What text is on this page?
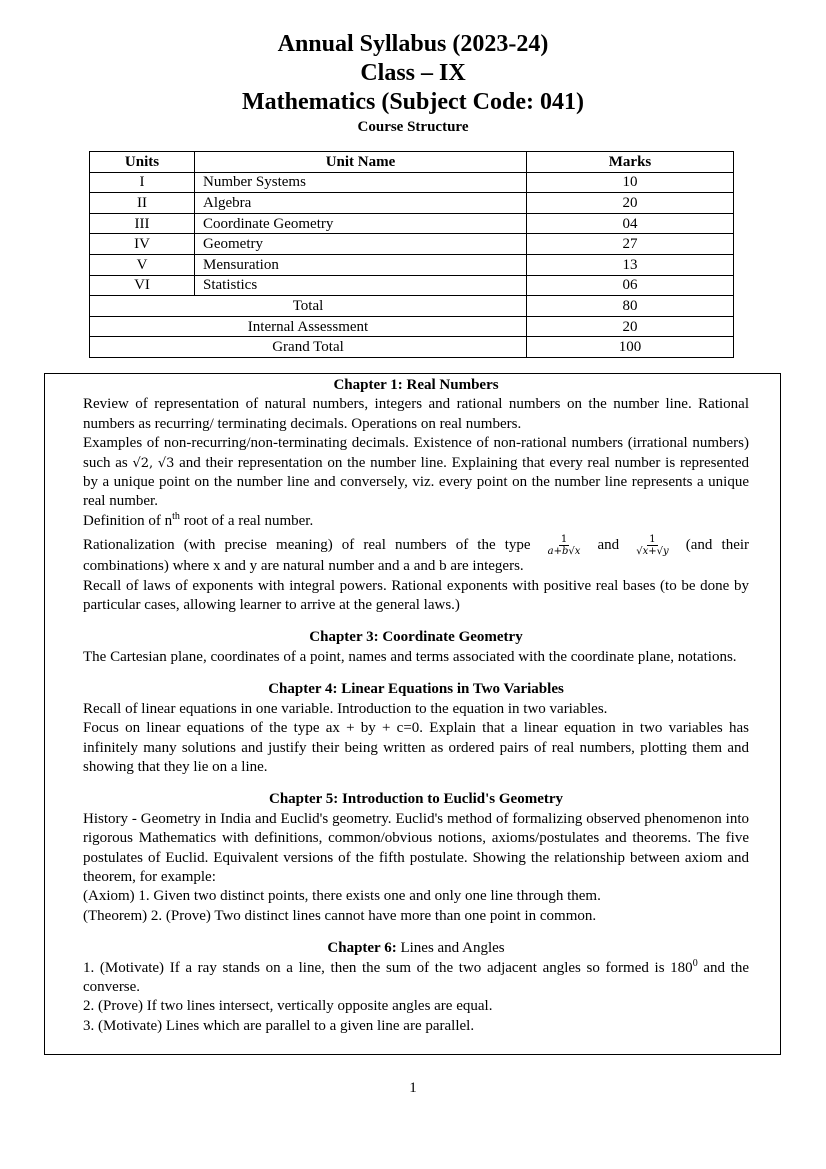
Annual Syllabus (2023-24)
Class – IX
Mathematics (Subject Code: 041)
Course Structure
Units	Unit Name	Marks
I	Number Systems	10
II	Algebra	20
III	Coordinate Geometry	04
IV	Geometry	27
V	Mensuration	13
VI	Statistics	06
Total		80
Internal Assessment		20
Grand Total		100
Chapter 1: Real Numbers
Review of representation of natural numbers, integers and rational numbers on the number line. Rational numbers as recurring/ terminating decimals. Operations on real numbers.
Examples of non-recurring/non-terminating decimals. Existence of non-rational numbers (irrational numbers) such as √2, √3 and their representation on the number line. Explaining that every real number is represented by a unique point on the number line and conversely, viz. every point on the number line represents a unique real number.
Definition of $n^{th}$ root of a real number.
Rationalization (with precise meaning) of real numbers of the type $\frac{1}{a+b√x}$ and $\frac{1}{√x+√y} (and$ their combinations) where x and y are natural number and a and b are integers.
Recall of laws of exponents with integral powers. Rational exponents with positive real bases (to be done by particular cases, allowing learner to arrive at the general laws.)
Chapter 3: Coordinate Geometry
The Cartesian plane, coordinates of a point, names and terms associated with the coordinate plane, notations.
Chapter 4: Linear Equations in Two Variables
Recall of linear equations in one variable. Introduction to the equation in two variables.
Focus on linear equations of the type ax + by + c=0. Explain that a linear equation in two variables has infinitely many solutions and justify their being written as ordered pairs of real numbers, plotting them and showing that they lie on a line.
Chapter 5: Introduction to Euclid's Geometry
History - Geometry in India and Euclid's geometry. Euclid's method of formalizing observed phenomenon into rigorous Mathematics with definitions, common/obvious notions, axioms/postulates and theorems. The five postulates of Euclid. Equivalent versions of the fifth postulate. Showing the relationship between axiom and theorem, for example:
(Axiom) 1. Given two distinct points, there exists one and only one line through them.
(Theorem) 2. (Prove) Two distinct lines cannot have more than one point in common.
Chapter 6: Lines and Angles
1. (Motivate) If a ray stands on a line, then the sum of the two adjacent angles so formed is $180^0$ and the converse.
2. (Prove) If two lines intersect, vertically opposite angles are equal.
3. (Motivate) Lines which are parallel to a given line are parallel.
1
